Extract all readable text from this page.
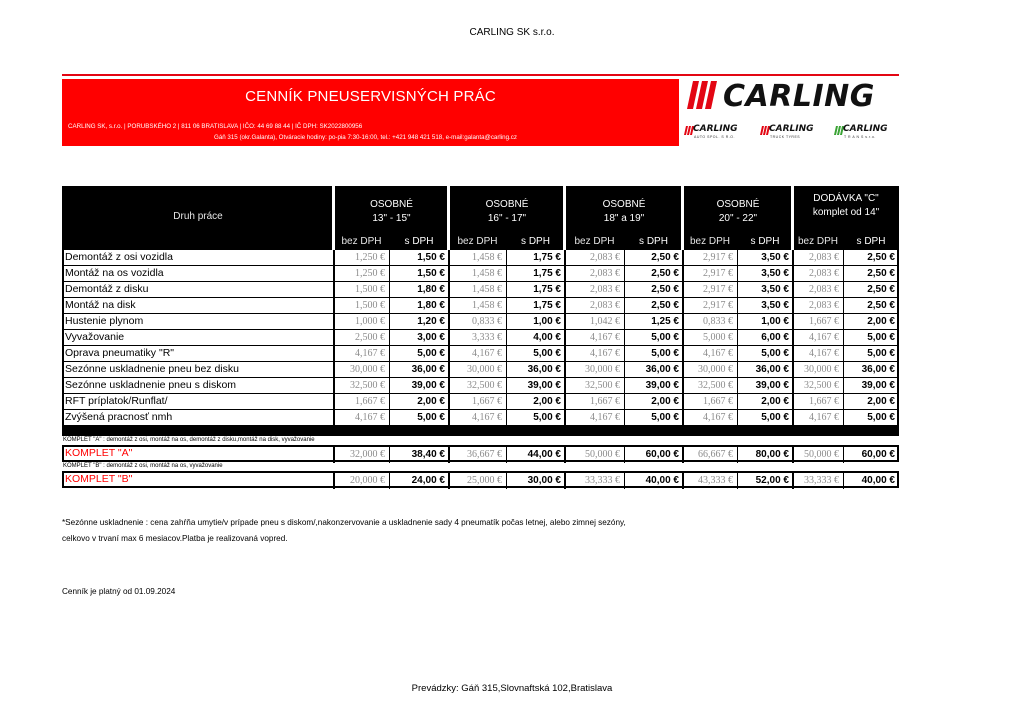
CARLING SK s.r.o.
CENNÍK PNEUSERVISNÝCH PRÁC
CARLING SK, s.r.o. | PORUBSKÉHO 2 | 811 06 BRATISLAVA | IČO: 44 69 88 44 | IČ DPH: SK2022800956
Gáň 315 (okr.Galanta), Otváracie hodiny: po-pia 7:30-16:00, tel.: +421 948 421 518, e-mail:galanta@carling.cz
CARLING
CARLING
AUTO SPOL. S R.O.
CARLING
TRUCK TYRES
CARLING
T R A N S s.r.o.
Druh práce
OSOBNÉ
13" - 15"
bez DPH	s DPH
OSOBNÉ
16" - 17"
bez DPH	s DPH
OSOBNÉ
18" a 19"
bez DPH	s DPH
OSOBNÉ
20" - 22"
bez DPH	s DPH
DODÁVKA "C"
komplet od 14"
bez DPH	s DPH
Demontáž z osi vozidla	1,250 €	1,50 €	1,458 €	1,75 €	2,083 €	2,50 €	2,917 €	3,50 €	2,083 €	2,50 €
Montáž na os vozidla	1,250 €	1,50 €	1,458 €	1,75 €	2,083 €	2,50 €	2,917 €	3,50 €	2,083 €	2,50 €
Demontáž z disku	1,500 €	1,80 €	1,458 €	1,75 €	2,083 €	2,50 €	2,917 €	3,50 €	2,083 €	2,50 €
Montáž na disk	1,500 €	1,80 €	1,458 €	1,75 €	2,083 €	2,50 €	2,917 €	3,50 €	2,083 €	2,50 €
Hustenie plynom	1,000 €	1,20 €	0,833 €	1,00 €	1,042 €	1,25 €	0,833 €	1,00 €	1,667 €	2,00 €
Vyvažovanie	2,500 €	3,00 €	3,333 €	4,00 €	4,167 €	5,00 €	5,000 €	6,00 €	4,167 €	5,00 €
Oprava pneumatiky "R"	4,167 €	5,00 €	4,167 €	5,00 €	4,167 €	5,00 €	4,167 €	5,00 €	4,167 €	5,00 €
Sezónne uskladnenie pneu bez disku	30,000 €	36,00 €	30,000 €	36,00 €	30,000 €	36,00 €	30,000 €	36,00 €	30,000 €	36,00 €
Sezónne uskladnenie pneu s diskom	32,500 €	39,00 €	32,500 €	39,00 €	32,500 €	39,00 €	32,500 €	39,00 €	32,500 €	39,00 €
RFT príplatok/Runflat/	1,667 €	2,00 €	1,667 €	2,00 €	1,667 €	2,00 €	1,667 €	2,00 €	1,667 €	2,00 €
Zvýšená pracnosť nmh	4,167 €	5,00 €	4,167 €	5,00 €	4,167 €	5,00 €	4,167 €	5,00 €	4,167 €	5,00 €
KOMPLET "A" : demontáž z osi, montáž na os, demontáž z disku,montáž na disk, vyvažovanie
KOMPLET "A"	32,000 €	38,40 €	36,667 €	44,00 €	50,000 €	60,00 €	66,667 €	80,00 €	50,000 €	60,00 €
KOMPLET "B" : demontáž z osi, montáž na os, vyvažovanie
KOMPLET "B"	20,000 €	24,00 €	25,000 €	30,00 €	33,333 €	40,00 €	43,333 €	52,00 €	33,333 €	40,00 €
*Sezónne uskladnenie : cena zahŕňa umytie/v prípade pneu s diskom/,nakonzervovanie a uskladnenie sady 4 pneumatík počas letnej, alebo zimnej sezóny,
celkovo v trvaní max 6 mesiacov.Platba je realizovaná vopred.
Cenník je platný od 01.09.2024
Prevádzky: Gáň 315,Slovnaftská 102,Bratislava
